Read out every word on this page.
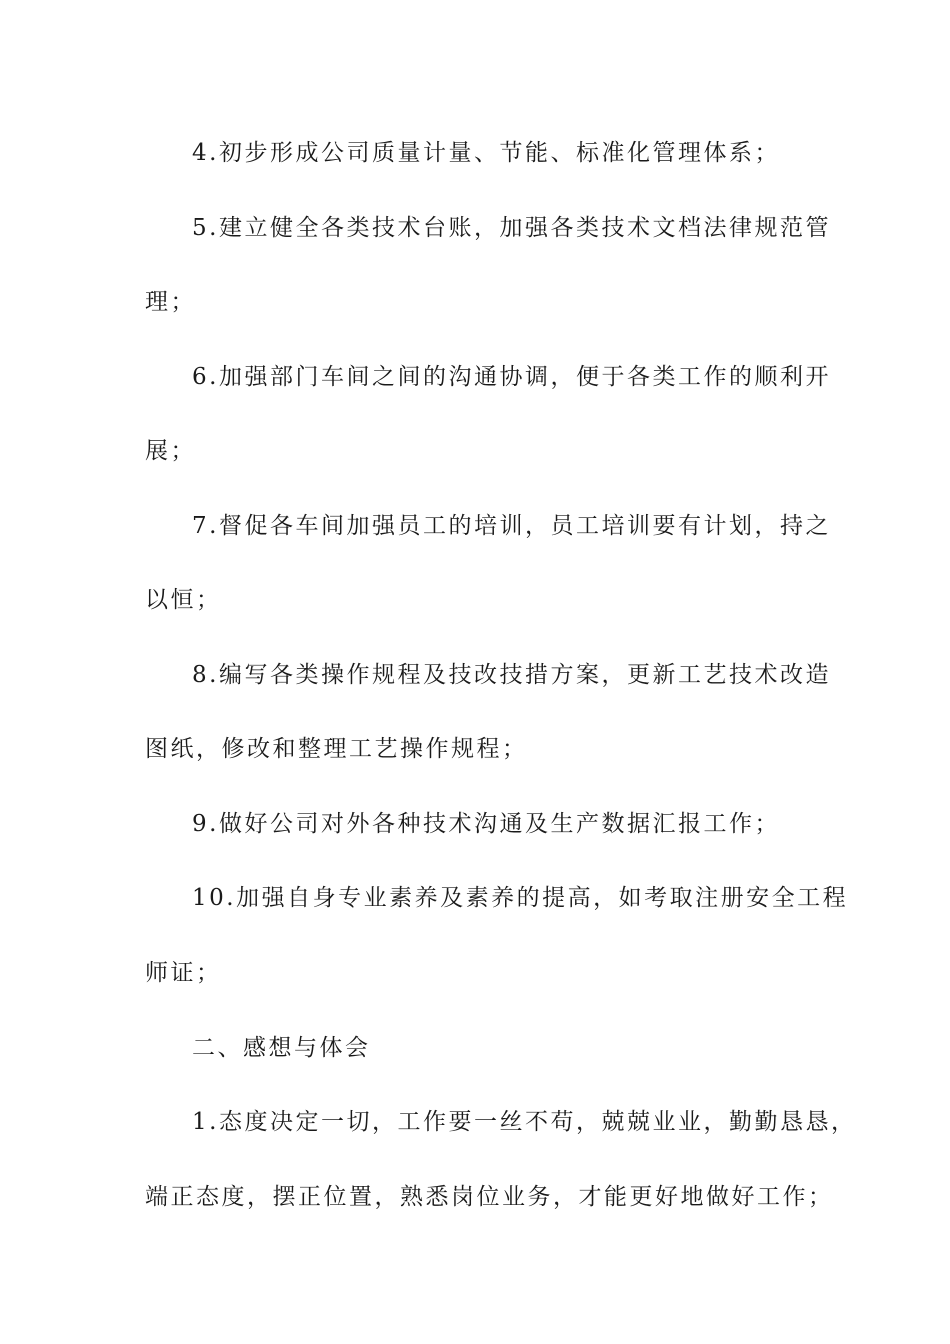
4.初步形成公司质量计量、节能、标准化管理体系；
5.建立健全各类技术台账，加强各类技术文档法律规范管
理；
6.加强部门车间之间的沟通协调，便于各类工作的顺利开
展；
7.督促各车间加强员工的培训，员工培训要有计划，持之
以恒；
8.编写各类操作规程及技改技措方案，更新工艺技术改造
图纸，修改和整理工艺操作规程；
9.做好公司对外各种技术沟通及生产数据汇报工作；
10.加强自身专业素养及素养的提高，如考取注册安全工程
师证；
二、感想与体会
1.态度决定一切，工作要一丝不苟，兢兢业业，勤勤恳恳，
端正态度，摆正位置，熟悉岗位业务，才能更好地做好工作；
